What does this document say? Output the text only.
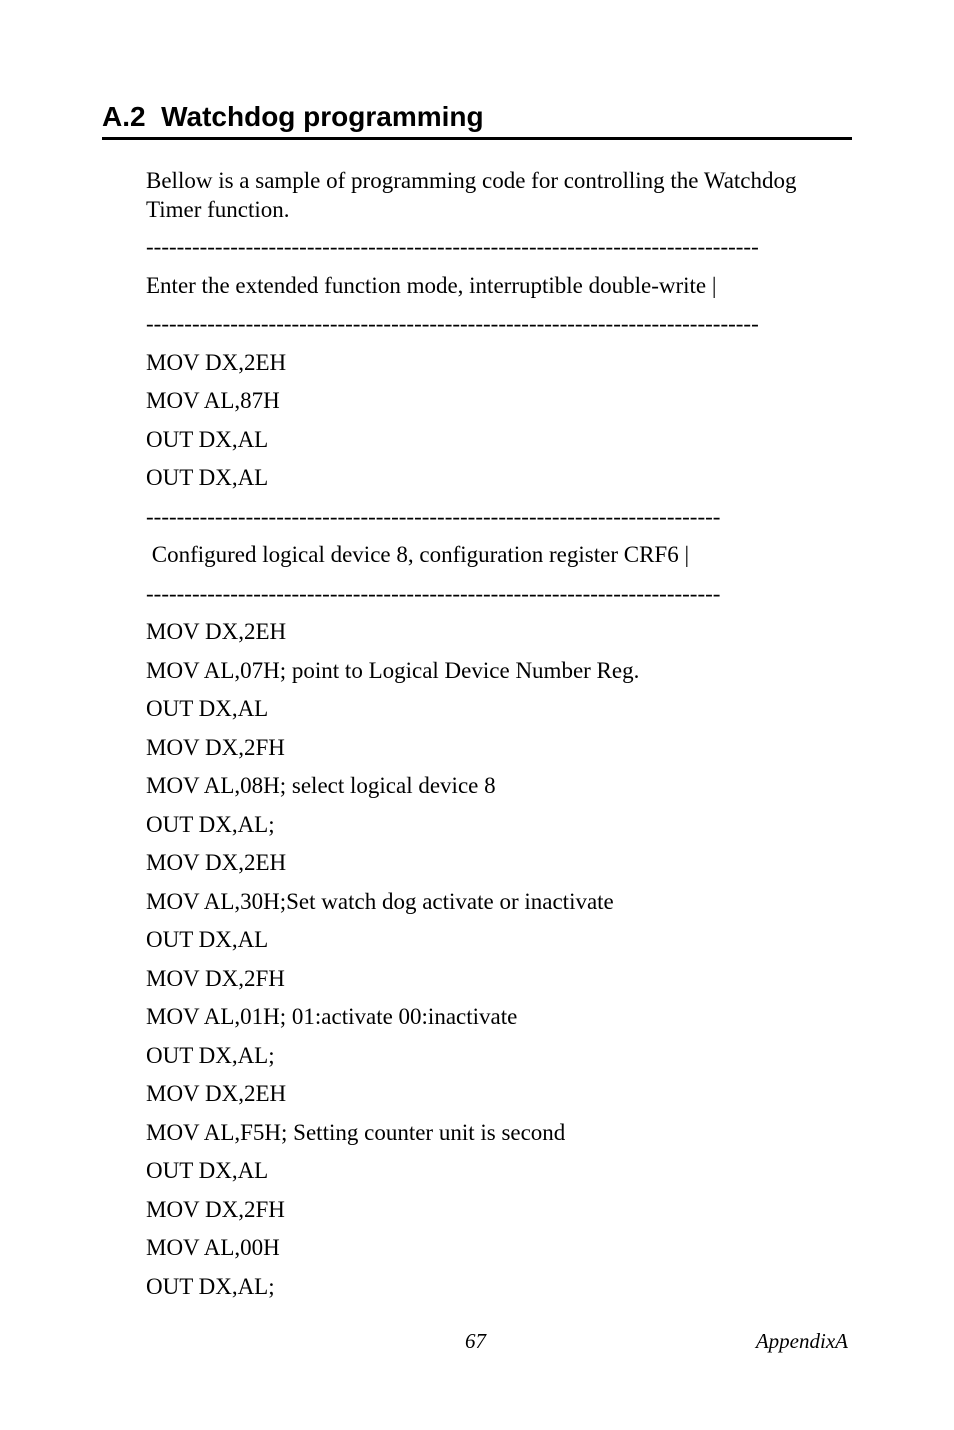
A.2  Watchdog programming

Bellow is a sample of programming code for controlling the Watchdog Timer function.

--------------------------------------------------------------------------------
Enter the extended function mode, interruptible double-write |
--------------------------------------------------------------------------------
MOV DX,2EH
MOV AL,87H
OUT DX,AL
OUT DX,AL
---------------------------------------------------------------------------
Configured logical device 8, configuration register CRF6 |
---------------------------------------------------------------------------
MOV DX,2EH
MOV AL,07H; point to Logical Device Number Reg.
OUT DX,AL
MOV DX,2FH
MOV AL,08H; select logical device 8
OUT DX,AL;
MOV DX,2EH
MOV AL,30H;Set watch dog activate or inactivate
OUT DX,AL
MOV DX,2FH
MOV AL,01H; 01:activate 00:inactivate
OUT DX,AL;
MOV DX,2EH
MOV AL,F5H; Setting counter unit is second
OUT DX,AL
MOV DX,2FH
MOV AL,00H
OUT DX,AL;

67	AppendixA
